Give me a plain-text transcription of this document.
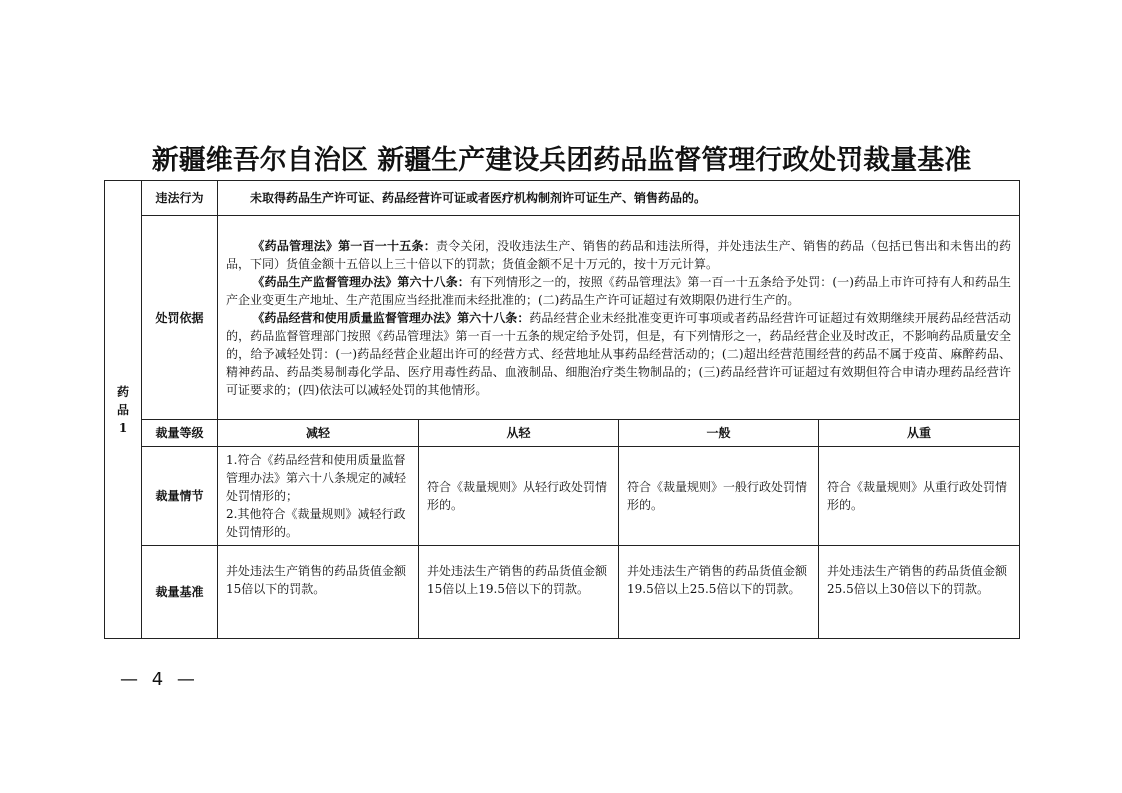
新疆维吾尔自治区 新疆生产建设兵团药品监督管理行政处罚裁量基准
药
品
1	违法行为	未取得药品生产许可证、药品经营许可证或者医疗机构制剂许可证生产、销售药品的。			
	处罚依据	《药品管理法》第一百一十五条：责令关闭，没收违法生产、销售的药品和违法所得，并处违法生产、销售的药品（包括已售出和未售出的药品，下同）货值金额十五倍以上三十倍以下的罚款；货值金额不足十万元的，按十万元计算。

《药品生产监督管理办法》第六十八条：有下列情形之一的，按照《药品管理法》第一百一十五条给予处罚：(一)药品上市许可持有人和药品生产企业变更生产地址、生产范围应当经批准而未经批准的；(二)药品生产许可证超过有效期限仍进行生产的。

《药品经营和使用质量监督管理办法》第六十八条：药品经营企业未经批准变更许可事项或者药品经营许可证超过有效期继续开展药品经营活动的，药品监督管理部门按照《药品管理法》第一百一十五条的规定给予处罚，但是，有下列情形之一，药品经营企业及时改正，不影响药品质量安全的，给予减轻处罚：(一)药品经营企业超出许可的经营方式、经营地址从事药品经营活动的；(二)超出经营范围经营的药品不属于疫苗、麻醉药品、精神药品、药品类易制毒化学品、医疗用毒性药品、血液制品、细胞治疗类生物制品的；(三)药品经营许可证超过有效期但符合申请办理药品经营许可证要求的；(四)依法可以减轻处罚的其他情形。			

	裁量等级	减轻	从轻	一般	从重
	裁量情节	1.符合《药品经营和使用质量监督管理办法》第六十八条规定的减轻处罚情形的；
2.其他符合《裁量规则》减轻行政处罚情形的。	符合《裁量规则》从轻行政处罚情形的。	符合《裁量规则》一般行政处罚情形的。	符合《裁量规则》从重行政处罚情形的。
	裁量基准	并处违法生产销售的药品货值金额15倍以下的罚款。	并处违法生产销售的药品货值金额15倍以上19.5倍以下的罚款。	并处违法生产销售的药品货值金额19.5倍以上25.5倍以下的罚款。	并处违法生产销售的药品货值金额25.5倍以上30倍以下的罚款。
— 4 —
